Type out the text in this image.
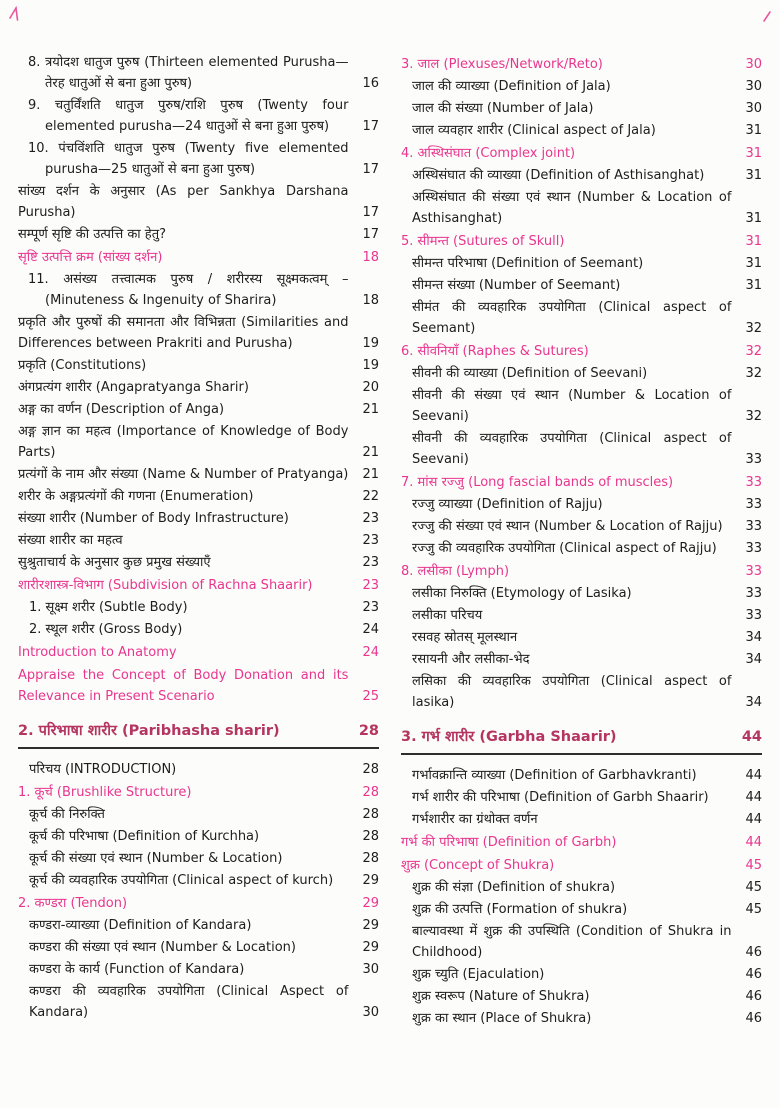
8. त्रयोदश धातुज पुरुष (Thirteen elemented Purusha—तेरह धातुओं से बना हुआ पुरुष)	16
9. चतुर्विंशति धातुज पुरुष/राशि पुरुष (Twenty four elemented purusha—24 धातुओं से बना हुआ पुरुष)	17
10. पंचविंशति धातुज पुरुष (Twenty five elemented purusha—25 धातुओं से बना हुआ पुरुष)	17
सांख्य दर्शन के अनुसार (As per Sankhya Darshana Purusha)	17
सम्पूर्ण सृष्टि की उत्पत्ति का हेतु?	17
सृष्टि उत्पत्ति क्रम (सांख्य दर्शन)	18
11. असंख्य तत्त्वात्मक पुरुष / शरीरस्य सूक्ष्मकत्वम् – (Minuteness & Ingenuity of Sharira)	18
प्रकृति और पुरुषों की समानता और विभिन्नता (Similarities and Differences between Prakriti and Purusha)	19
प्रकृति (Constitutions)	19
अंगप्रत्यंग शारीर (Angapratyanga Sharir)	20
अङ्ग का वर्णन (Description of Anga)	21
अङ्ग ज्ञान का महत्व (Importance of Knowledge of Body Parts)	21
प्रत्यंगों के नाम और संख्या (Name & Number of Pratyanga)	21
शरीर के अङ्गप्रत्यंगों की गणना (Enumeration)	22
संख्या शारीर (Number of Body Infrastructure)	23
संख्या शारीर का महत्व	23
सुश्रुताचार्य के अनुसार कुछ प्रमुख संख्याएँ	23
शारीरशास्त्र-विभाग (Subdivision of Rachna Shaarir)	23
1. सूक्ष्म शरीर (Subtle Body)	23
2. स्थूल शरीर (Gross Body)	24
Introduction to Anatomy	24
Appraise the Concept of Body Donation and its Relevance in Present Scenario	25
2. परिभाषा शारीर (Paribhasha sharir)	28
परिचय (INTRODUCTION)	28
1. कूर्च (Brushlike Structure)	28
कूर्च की निरुक्ति	28
कूर्च की परिभाषा (Definition of Kurchha)	28
कूर्च की संख्या एवं स्थान (Number & Location)	28
कूर्च की व्यवहारिक उपयोगिता (Clinical aspect of kurch)	29
2. कण्डरा (Tendon)	29
कण्डरा-व्याख्या (Definition of Kandara)	29
कण्डरा की संख्या एवं स्थान (Number & Location)	29
कण्डरा के कार्य (Function of Kandara)	30
कण्डरा की व्यवहारिक उपयोगिता (Clinical Aspect of Kandara)	30
3. जाल (Plexuses/Network/Reto)	30
जाल की व्याख्या (Definition of Jala)	30
जाल की संख्या (Number of Jala)	30
जाल व्यवहार शारीर (Clinical aspect of Jala)	31
4. अस्थिसंघात (Complex joint)	31
अस्थिसंघात की व्याख्या (Definition of Asthisanghat)	31
अस्थिसंघात की संख्या एवं स्थान (Number & Location of Asthisanghat)	31
5. सीमन्त (Sutures of Skull)	31
सीमन्त परिभाषा (Definition of Seemant)	31
सीमन्त संख्या (Number of Seemant)	31
सीमंत की व्यवहारिक उपयोगिता (Clinical aspect of Seemant)	32
6. सीवनियाँ (Raphes & Sutures)	32
सीवनी की व्याख्या (Definition of Seevani)	32
सीवनी की संख्या एवं स्थान (Number & Location of Seevani)	32
सीवनी की व्यवहारिक उपयोगिता (Clinical aspect of Seevani)	33
7. मांस रज्जु (Long fascial bands of muscles)	33
रज्जु व्याख्या (Definition of Rajju)	33
रज्जु की संख्या एवं स्थान (Number & Location of Rajju)	33
रज्जु की व्यवहारिक उपयोगिता (Clinical aspect of Rajju)	33
8. लसीका (Lymph)	33
लसीका निरुक्ति (Etymology of Lasika)	33
लसीका परिचय	33
रसवह स्रोतस् मूलस्थान	34
रसायनी और लसीका-भेद	34
लसिका की व्यवहारिक उपयोगिता (Clinical aspect of lasika)	34
3. गर्भ शारीर (Garbha Shaarir)	44
गर्भावक्रान्ति व्याख्या (Definition of Garbhavkranti)	44
गर्भ शारीर की परिभाषा (Definition of Garbh Shaarir)	44
गर्भशारीर का ग्रंथोक्त वर्णन	44
गर्भ की परिभाषा (Definition of Garbh)	44
शुक्र (Concept of Shukra)	45
शुक्र की संज्ञा (Definition of shukra)	45
शुक्र की उत्पत्ति (Formation of shukra)	45
बाल्यावस्था में शुक्र की उपस्थिति (Condition of Shukra in Childhood)	46
शुक्र च्युति (Ejaculation)	46
शुक्र स्वरूप (Nature of Shukra)	46
शुक्र का स्थान (Place of Shukra)	46
